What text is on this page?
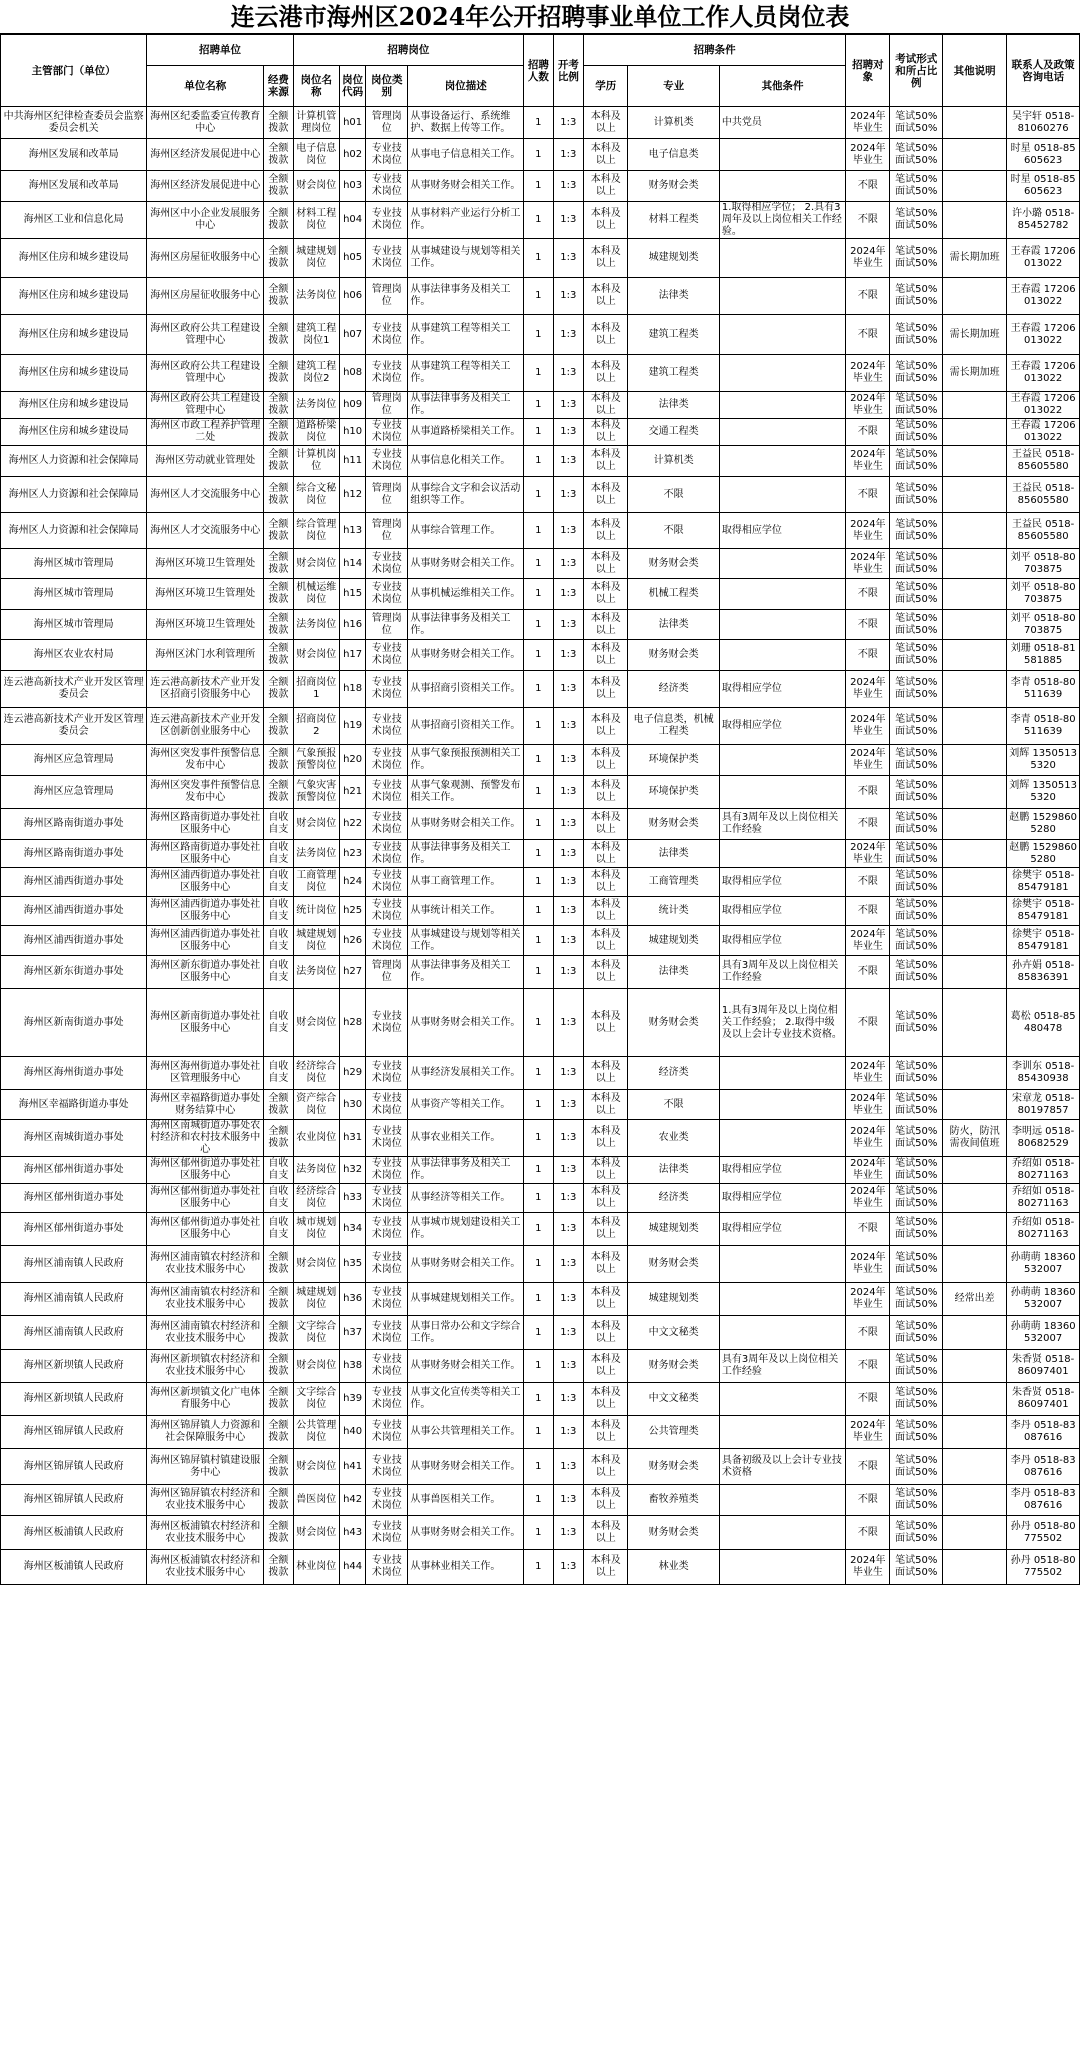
连云港市海州区2024年公开招聘事业单位工作人员岗位表
主管部门（单位）	招聘单位		招聘岗位				招聘人数	开考比例	招聘条件			招聘对象	考试形式和所占比例	其他说明	联系人及政策咨询电话
	单位名称	经费来源	岗位名称	岗位代码	岗位类别	岗位描述			学历	专业	其他条件				
中共海州区纪律检查委员会监察委员会机关	海州区纪委监委宣传教育中心	全额拨款	计算机管理岗位	h01	管理岗位	从事设备运行、系统维护、数据上传等工作。	1	1:3	本科及以上	计算机类	中共党员	2024年毕业生	笔试50% 面试50%		吴宇轩 0518-81060276
海州区发展和改革局	海州区经济发展促进中心	全额拨款	电子信息岗位	h02	专业技术岗位	从事电子信息相关工作。	1	1:3	本科及以上	电子信息类		2024年毕业生	笔试50% 面试50%		时星 0518-85605623
海州区发展和改革局	海州区经济发展促进中心	全额拨款	财会岗位	h03	专业技术岗位	从事财务财会相关工作。	1	1:3	本科及以上	财务财会类		不限	笔试50% 面试50%		时星 0518-85605623
海州区工业和信息化局	海州区中小企业发展服务中心	全额拨款	材料工程岗位	h04	专业技术岗位	从事材料产业运行分析工作。	1	1:3	本科及以上	材料工程类	1.取得相应学位； 2.具有3周年及以上岗位相关工作经验。	不限	笔试50% 面试50%		许小璐 0518-85452782
海州区住房和城乡建设局	海州区房屋征收服务中心	全额拨款	城建规划岗位	h05	专业技术岗位	从事城建设与规划等相关工作。	1	1:3	本科及以上	城建规划类		2024年毕业生	笔试50% 面试50%	需长期加班	王春霞 17206013022
海州区住房和城乡建设局	海州区房屋征收服务中心	全额拨款	法务岗位	h06	管理岗位	从事法律事务及相关工作。	1	1:3	本科及以上	法律类		不限	笔试50% 面试50%		王春霞 17206013022
海州区住房和城乡建设局	海州区政府公共工程建设管理中心	全额拨款	建筑工程岗位1	h07	专业技术岗位	从事建筑工程等相关工作。	1	1:3	本科及以上	建筑工程类		不限	笔试50% 面试50%	需长期加班	王春霞 17206013022
海州区住房和城乡建设局	海州区政府公共工程建设管理中心	全额拨款	建筑工程岗位2	h08	专业技术岗位	从事建筑工程等相关工作。	1	1:3	本科及以上	建筑工程类		2024年毕业生	笔试50% 面试50%	需长期加班	王春霞 17206013022
海州区住房和城乡建设局	海州区政府公共工程建设管理中心	全额拨款	法务岗位	h09	管理岗位	从事法律事务及相关工作。	1	1:3	本科及以上	法律类		2024年毕业生	笔试50% 面试50%		王春霞 17206013022
海州区住房和城乡建设局	海州区市政工程养护管理二处	全额拨款	道路桥梁岗位	h10	专业技术岗位	从事道路桥梁相关工作。	1	1:3	本科及以上	交通工程类		不限	笔试50% 面试50%		王春霞 17206013022
海州区人力资源和社会保障局	海州区劳动就业管理处	全额拨款	计算机岗位	h11	专业技术岗位	从事信息化相关工作。	1	1:3	本科及以上	计算机类		2024年毕业生	笔试50% 面试50%		王益民 0518-85605580
海州区人力资源和社会保障局	海州区人才交流服务中心	全额拨款	综合文秘岗位	h12	管理岗位	从事综合文字和会议活动组织等工作。	1	1:3	本科及以上	不限		不限	笔试50% 面试50%		王益民 0518-85605580
海州区人力资源和社会保障局	海州区人才交流服务中心	全额拨款	综合管理岗位	h13	管理岗位	从事综合管理工作。	1	1:3	本科及以上	不限	取得相应学位	2024年毕业生	笔试50% 面试50%		王益民 0518-85605580
海州区城市管理局	海州区环境卫生管理处	全额拨款	财会岗位	h14	专业技术岗位	从事财务财会相关工作。	1	1:3	本科及以上	财务财会类		2024年毕业生	笔试50% 面试50%		刘平 0518-80703875
海州区城市管理局	海州区环境卫生管理处	全额拨款	机械运维岗位	h15	专业技术岗位	从事机械运维相关工作。	1	1:3	本科及以上	机械工程类		不限	笔试50% 面试50%		刘平 0518-80703875
海州区城市管理局	海州区环境卫生管理处	全额拨款	法务岗位	h16	管理岗位	从事法律事务及相关工作。	1	1:3	本科及以上	法律类		不限	笔试50% 面试50%		刘平 0518-80703875
海州区农业农村局	海州区沭门水利管理所	全额拨款	财会岗位	h17	专业技术岗位	从事财务财会相关工作。	1	1:3	本科及以上	财务财会类		不限	笔试50% 面试50%		刘珊 0518-81581885
连云港高新技术产业开发区管理委员会	连云港高新技术产业开发区招商引资服务中心	全额拨款	招商岗位1	h18	专业技术岗位	从事招商引资相关工作。	1	1:3	本科及以上	经济类	取得相应学位	2024年毕业生	笔试50% 面试50%		李青 0518-80511639
连云港高新技术产业开发区管理委员会	连云港高新技术产业开发区创新创业服务中心	全额拨款	招商岗位2	h19	专业技术岗位	从事招商引资相关工作。	1	1:3	本科及以上	电子信息类，机械工程类	取得相应学位	2024年毕业生	笔试50% 面试50%		李青 0518-80511639
海州区应急管理局	海州区突发事件预警信息发布中心	全额拨款	气象预报预警岗位	h20	专业技术岗位	从事气象预报预测相关工作。	1	1:3	本科及以上	环境保护类		2024年毕业生	笔试50% 面试50%		刘辉 13505135320
海州区应急管理局	海州区突发事件预警信息发布中心	全额拨款	气象灾害预警岗位	h21	专业技术岗位	从事气象观测、预警发布相关工作。	1	1:3	本科及以上	环境保护类		不限	笔试50% 面试50%		刘辉 13505135320
海州区路南街道办事处	海州区路南街道办事处社区服务中心	自收自支	财会岗位	h22	专业技术岗位	从事财务财会相关工作。	1	1:3	本科及以上	财务财会类	具有3周年及以上岗位相关工作经验	不限	笔试50% 面试50%		赵鹏 15298605280
海州区路南街道办事处	海州区路南街道办事处社区服务中心	自收自支	法务岗位	h23	专业技术岗位	从事法律事务及相关工作。	1	1:3	本科及以上	法律类		2024年毕业生	笔试50% 面试50%		赵鹏 15298605280
海州区浦西街道办事处	海州区浦西街道办事处社区服务中心	自收自支	工商管理岗位	h24	专业技术岗位	从事工商管理工作。	1	1:3	本科及以上	工商管理类	取得相应学位	不限	笔试50% 面试50%		徐樊宇 0518-85479181
海州区浦西街道办事处	海州区浦西街道办事处社区服务中心	自收自支	统计岗位	h25	专业技术岗位	从事统计相关工作。	1	1:3	本科及以上	统计类	取得相应学位	不限	笔试50% 面试50%		徐樊宇 0518-85479181
海州区浦西街道办事处	海州区浦西街道办事处社区服务中心	自收自支	城建规划岗位	h26	专业技术岗位	从事城建设与规划等相关工作。	1	1:3	本科及以上	城建规划类	取得相应学位	2024年毕业生	笔试50% 面试50%		徐樊宇 0518-85479181
海州区新东街道办事处	海州区新东街道办事处社区服务中心	自收自支	法务岗位	h27	管理岗位	从事法律事务及相关工作。	1	1:3	本科及以上	法律类	具有3周年及以上岗位相关工作经验	不限	笔试50% 面试50%		孙卉娟 0518-85836391
海州区新南街道办事处	海州区新南街道办事处社区服务中心	自收自支	财会岗位	h28	专业技术岗位	从事财务财会相关工作。	1	1:3	本科及以上	财务财会类	1.具有3周年及以上岗位相关工作经验； 2.取得中级及以上会计专业技术资格。	不限	笔试50% 面试50%		葛松 0518-85480478
海州区海州街道办事处	海州区海州街道办事处社区管理服务中心	自收自支	经济综合岗位	h29	专业技术岗位	从事经济发展相关工作。	1	1:3	本科及以上	经济类		2024年毕业生	笔试50% 面试50%		李训东 0518-85430938
海州区幸福路街道办事处	海州区幸福路街道办事处财务结算中心	全额拨款	资产综合岗位	h30	专业技术岗位	从事资产等相关工作。	1	1:3	本科及以上	不限		2024年毕业生	笔试50% 面试50%		宋章龙 0518-80197857
海州区南城街道办事处	海州区南城街道办事处农村经济和农村技术服务中心	全额拨款	农业岗位	h31	专业技术岗位	从事农业相关工作。	1	1:3	本科及以上	农业类		2024年毕业生	笔试50% 面试50%	防火，防汛需夜间值班	李明远 0518-80682529
海州区郁州街道办事处	海州区郁州街道办事处社区服务中心	自收自支	法务岗位	h32	专业技术岗位	从事法律事务及相关工作。	1	1:3	本科及以上	法律类	取得相应学位	2024年毕业生	笔试50% 面试50%		乔绍如 0518-80271163
海州区郁州街道办事处	海州区郁州街道办事处社区服务中心	自收自支	经济综合岗位	h33	专业技术岗位	从事经济等相关工作。	1	1:3	本科及以上	经济类	取得相应学位	2024年毕业生	笔试50% 面试50%		乔绍如 0518-80271163
海州区郁州街道办事处	海州区郁州街道办事处社区服务中心	自收自支	城市规划岗位	h34	专业技术岗位	从事城市规划建设相关工作。	1	1:3	本科及以上	城建规划类	取得相应学位	不限	笔试50% 面试50%		乔绍如 0518-80271163
海州区浦南镇人民政府	海州区浦南镇农村经济和农业技术服务中心	全额拨款	财会岗位	h35	专业技术岗位	从事财务财会相关工作。	1	1:3	本科及以上	财务财会类		2024年毕业生	笔试50% 面试50%		孙萌萌 18360532007
海州区浦南镇人民政府	海州区浦南镇农村经济和农业技术服务中心	全额拨款	城建规划岗位	h36	专业技术岗位	从事城建规划相关工作。	1	1:3	本科及以上	城建规划类		2024年毕业生	笔试50% 面试50%	经常出差	孙萌萌 18360532007
海州区浦南镇人民政府	海州区浦南镇农村经济和农业技术服务中心	全额拨款	文字综合岗位	h37	专业技术岗位	从事日常办公和文字综合工作。	1	1:3	本科及以上	中文文秘类		不限	笔试50% 面试50%		孙萌萌 18360532007
海州区新坝镇人民政府	海州区新坝镇农村经济和农业技术服务中心	全额拨款	财会岗位	h38	专业技术岗位	从事财务财会相关工作。	1	1:3	本科及以上	财务财会类	具有3周年及以上岗位相关工作经验	不限	笔试50% 面试50%		朱香贤 0518-86097401
海州区新坝镇人民政府	海州区新坝镇文化广电体育服务中心	全额拨款	文字综合岗位	h39	专业技术岗位	从事文化宣传类等相关工作。	1	1:3	本科及以上	中文文秘类		不限	笔试50% 面试50%		朱香贤 0518-86097401
海州区锦屏镇人民政府	海州区锦屏镇人力资源和社会保障服务中心	全额拨款	公共管理岗位	h40	专业技术岗位	从事公共管理相关工作。	1	1:3	本科及以上	公共管理类		2024年毕业生	笔试50% 面试50%		李丹 0518-83087616
海州区锦屏镇人民政府	海州区锦屏镇村镇建设服务中心	全额拨款	财会岗位	h41	专业技术岗位	从事财务财会相关工作。	1	1:3	本科及以上	财务财会类	具备初级及以上会计专业技术资格	不限	笔试50% 面试50%		李丹 0518-83087616
海州区锦屏镇人民政府	海州区锦屏镇农村经济和农业技术服务中心	全额拨款	兽医岗位	h42	专业技术岗位	从事兽医相关工作。	1	1:3	本科及以上	畜牧养殖类		不限	笔试50% 面试50%		李丹 0518-83087616
海州区板浦镇人民政府	海州区板浦镇农村经济和农业技术服务中心	全额拨款	财会岗位	h43	专业技术岗位	从事财务财会相关工作。	1	1:3	本科及以上	财务财会类		不限	笔试50% 面试50%		孙丹 0518-80775502
海州区板浦镇人民政府	海州区板浦镇农村经济和农业技术服务中心	全额拨款	林业岗位	h44	专业技术岗位	从事林业相关工作。	1	1:3	本科及以上	林业类		2024年毕业生	笔试50% 面试50%		孙丹 0518-80775502
